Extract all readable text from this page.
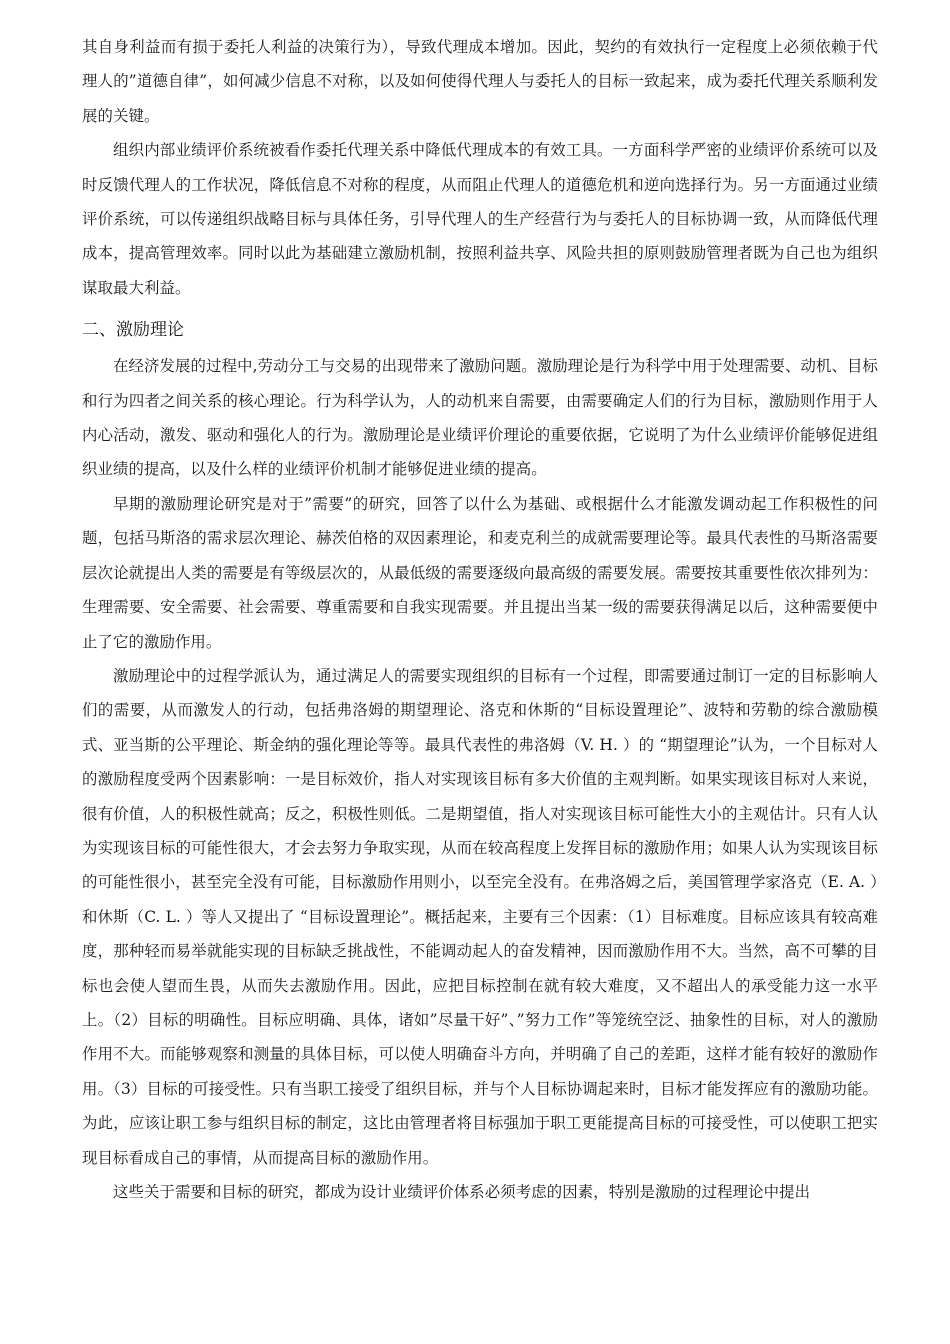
其自身利益而有损于委托人利益的决策行为），导致代理成本增加。因此，契约的有效执行一定程度上必须依赖于代理人的”道德自律”，如何减少信息不对称，以及如何使得代理人与委托人的目标一致起来，成为委托代理关系顺利发展的关键。

组织内部业绩评价系统被看作委托代理关系中降低代理成本的有效工具。一方面科学严密的业绩评价系统可以及时反馈代理人的工作状况，降低信息不对称的程度，从而阻止代理人的道德危机和逆向选择行为。另一方面通过业绩评价系统，可以传递组织战略目标与具体任务，引导代理人的生产经营行为与委托人的目标协调一致，从而降低代理成本，提高管理效率。同时以此为基础建立激励机制，按照利益共享、风险共担的原则鼓励管理者既为自己也为组织谋取最大利益。

二、激励理论

在经济发展的过程中,劳动分工与交易的出现带来了激励问题。激励理论是行为科学中用于处理需要、动机、目标和行为四者之间关系的核心理论。行为科学认为，人的动机来自需要，由需要确定人们的行为目标，激励则作用于人内心活动，激发、驱动和强化人的行为。激励理论是业绩评价理论的重要依据，它说明了为什么业绩评价能够促进组织业绩的提高，以及什么样的业绩评价机制才能够促进业绩的提高。

早期的激励理论研究是对于”需要”的研究，回答了以什么为基础、或根据什么才能激发调动起工作积极性的问题，包括马斯洛的需求层次理论、赫茨伯格的双因素理论，和麦克利兰的成就需要理论等。最具代表性的马斯洛需要层次论就提出人类的需要是有等级层次的，从最低级的需要逐级向最高级的需要发展。需要按其重要性依次排列为：生理需要、安全需要、社会需要、尊重需要和自我实现需要。并且提出当某一级的需要获得满足以后，这种需要便中止了它的激励作用。

激励理论中的过程学派认为，通过满足人的需要实现组织的目标有一个过程，即需要通过制订一定的目标影响人们的需要，从而激发人的行动，包括弗洛姆的期望理论、洛克和休斯的“目标设置理论”、波特和劳勒的综合激励模式、亚当斯的公平理论、斯金纳的强化理论等等。最具代表性的弗洛姆（V. H. ）的 “期望理论”认为，一个目标对人的激励程度受两个因素影响：一是目标效价，指人对实现该目标有多大价值的主观判断。如果实现该目标对人来说，很有价值，人的积极性就高；反之，积极性则低。二是期望值，指人对实现该目标可能性大小的主观估计。只有人认为实现该目标的可能性很大，才会去努力争取实现，从而在较高程度上发挥目标的激励作用；如果人认为实现该目标的可能性很小，甚至完全没有可能，目标激励作用则小，以至完全没有。在弗洛姆之后，美国管理学家洛克（E. A. ）和休斯（C. L. ）等人又提出了 “目标设置理论”。概括起来，主要有三个因素：（1）目标难度。目标应该具有较高难度，那种轻而易举就能实现的目标缺乏挑战性，不能调动起人的奋发精神，因而激励作用不大。当然，高不可攀的目标也会使人望而生畏，从而失去激励作用。因此，应把目标控制在就有较大难度，又不超出人的承受能力这一水平上。（2）目标的明确性。目标应明确、具体，诸如”尽量干好”、”努力工作”等笼统空泛、抽象性的目标，对人的激励作用不大。而能够观察和测量的具体目标，可以使人明确奋斗方向，并明确了自己的差距，这样才能有较好的激励作用。（3）目标的可接受性。只有当职工接受了组织目标，并与个人目标协调起来时，目标才能发挥应有的激励功能。为此，应该让职工参与组织目标的制定，这比由管理者将目标强加于职工更能提高目标的可接受性，可以使职工把实现目标看成自己的事情，从而提高目标的激励作用。

这些关于需要和目标的研究，都成为设计业绩评价体系必须考虑的因素，特别是激励的过程理论中提出
